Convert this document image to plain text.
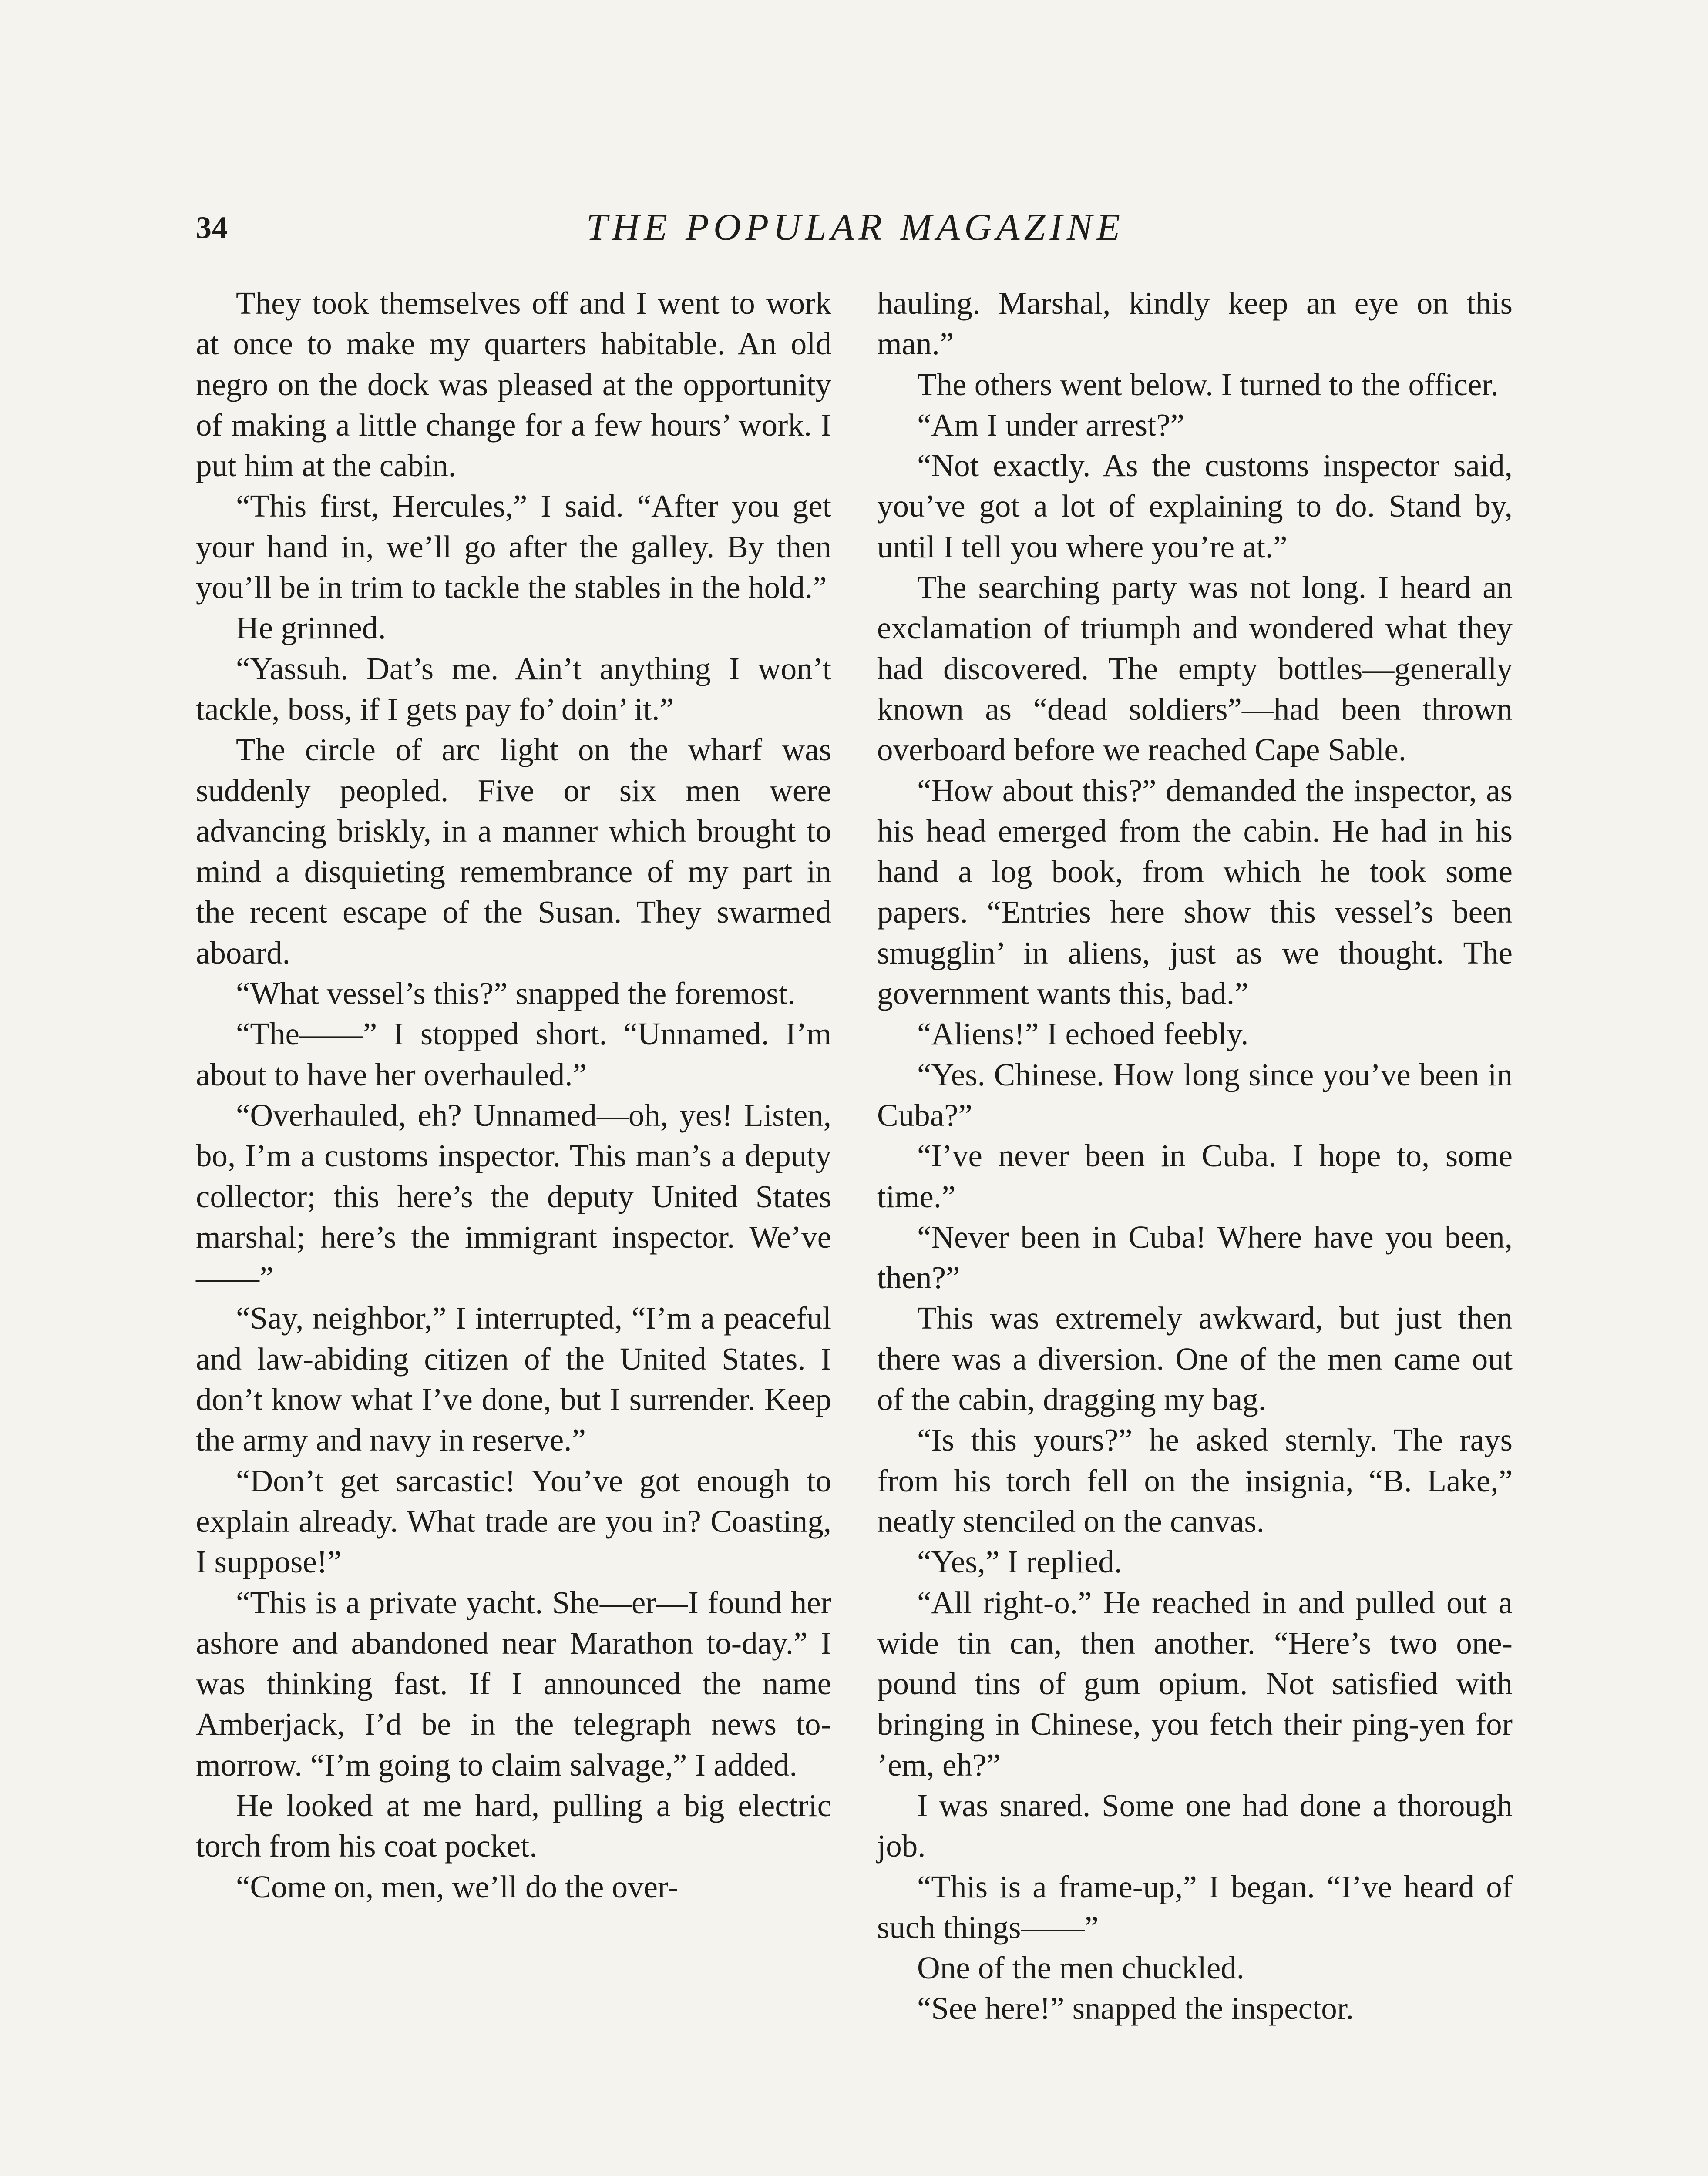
34	THE POPULAR MAGAZINE

They took themselves off and I went to work at once to make my quarters habitable. An old negro on the dock was pleased at the opportunity of making a little change for a few hours’ work. I put him at the cabin.

“This first, Hercules,” I said. “After you get your hand in, we’ll go after the galley. By then you’ll be in trim to tackle the stables in the hold.”

He grinned.

“Yassuh. Dat’s me. Ain’t anything I won’t tackle, boss, if I gets pay fo’ doin’ it.”

The circle of arc light on the wharf was suddenly peopled. Five or six men were advancing briskly, in a manner which brought to mind a disquieting remembrance of my part in the recent escape of the Susan. They swarmed aboard.

“What vessel’s this?” snapped the foremost.

“The——” I stopped short. “Unnamed. I’m about to have her overhauled.”

“Overhauled, eh? Unnamed—oh, yes! Listen, bo, I’m a customs inspector. This man’s a deputy collector; this here’s the deputy United States marshal; here’s the immigrant inspector. We’ve——”

“Say, neighbor,” I interrupted, “I’m a peaceful and law-abiding citizen of the United States. I don’t know what I’ve done, but I surrender. Keep the army and navy in reserve.”

“Don’t get sarcastic! You’ve got enough to explain already. What trade are you in? Coasting, I suppose!”

“This is a private yacht. She—er—I found her ashore and abandoned near Marathon to-day.” I was thinking fast. If I announced the name Amberjack, I’d be in the telegraph news to-morrow. “I’m going to claim salvage,” I added.

He looked at me hard, pulling a big electric torch from his coat pocket.

“Come on, men, we’ll do the over-

hauling. Marshal, kindly keep an eye on this man.”

The others went below. I turned to the officer.

“Am I under arrest?”

“Not exactly. As the customs inspector said, you’ve got a lot of explaining to do. Stand by, until I tell you where you’re at.”

The searching party was not long. I heard an exclamation of triumph and wondered what they had discovered. The empty bottles—generally known as “dead soldiers”—had been thrown overboard before we reached Cape Sable.

“How about this?” demanded the inspector, as his head emerged from the cabin. He had in his hand a log book, from which he took some papers. “Entries here show this vessel’s been smugglin’ in aliens, just as we thought. The government wants this, bad.”

“Aliens!” I echoed feebly.

“Yes. Chinese. How long since you’ve been in Cuba?”

“I’ve never been in Cuba. I hope to, some time.”

“Never been in Cuba! Where have you been, then?”

This was extremely awkward, but just then there was a diversion. One of the men came out of the cabin, dragging my bag.

“Is this yours?” he asked sternly. The rays from his torch fell on the insignia, “B. Lake,” neatly stenciled on the canvas.

“Yes,” I replied.

“All right-o.” He reached in and pulled out a wide tin can, then another. “Here’s two one-pound tins of gum opium. Not satisfied with bringing in Chinese, you fetch their ping-yen for ’em, eh?”

I was snared. Some one had done a thorough job.

“This is a frame-up,” I began. “I’ve heard of such things——”

One of the men chuckled.

“See here!” snapped the inspector.
